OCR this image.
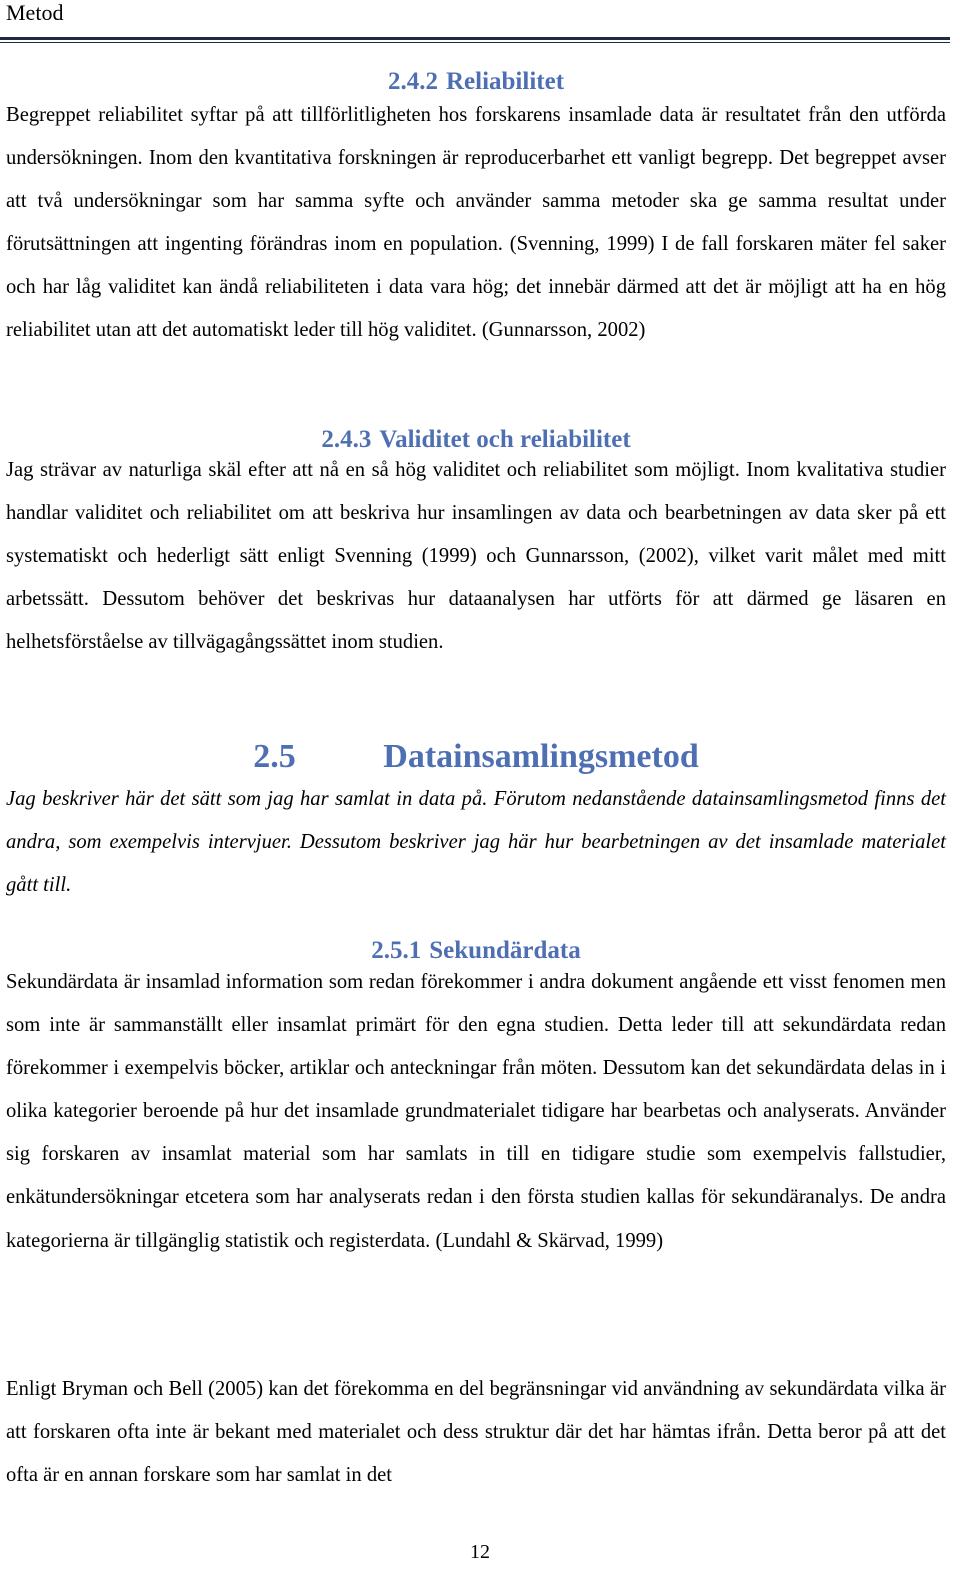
Metod
2.4.2 Reliabilitet

Begreppet reliabilitet syftar på att tillförlitligheten hos forskarens insamlade data är resultatet från den utförda undersökningen. Inom den kvantitativa forskningen är reproducerbarhet ett vanligt begrepp. Det begreppet avser att två undersökningar som har samma syfte och använder samma metoder ska ge samma resultat under förutsättningen att ingenting förändras inom en population. (Svenning, 1999) I de fall forskaren mäter fel saker och har låg validitet kan ändå reliabiliteten i data vara hög; det innebär därmed att det är möjligt att ha en hög reliabilitet utan att det automatiskt leder till hög validitet. (Gunnarsson, 2002)

2.4.3 Validitet och reliabilitet

Jag strävar av naturliga skäl efter att nå en så hög validitet och reliabilitet som möjligt. Inom kvalitativa studier handlar validitet och reliabilitet om att beskriva hur insamlingen av data och bearbetningen av data sker på ett systematiskt och hederligt sätt enligt Svenning (1999) och Gunnarsson, (2002), vilket varit målet med mitt arbetssätt. Dessutom behöver det beskrivas hur dataanalysen har utförts för att därmed ge läsaren en helhetsförståelse av tillvägagångssättet inom studien.

2.5	Datainsamlingsmetod

Jag beskriver här det sätt som jag har samlat in data på. Förutom nedanstående datainsamlingsmetod finns det andra, som exempelvis intervjuer. Dessutom beskriver jag här hur bearbetningen av det insamlade materialet gått till.

2.5.1 Sekundärdata

Sekundärdata är insamlad information som redan förekommer i andra dokument angående ett visst fenomen men som inte är sammanställt eller insamlat primärt för den egna studien. Detta leder till att sekundärdata redan förekommer i exempelvis böcker, artiklar och anteckningar från möten. Dessutom kan det sekundärdata delas in i olika kategorier beroende på hur det insamlade grundmaterialet tidigare har bearbetas och analyserats. Använder sig forskaren av insamlat material som har samlats in till en tidigare studie som exempelvis fallstudier, enkätundersökningar etcetera som har analyserats redan i den första studien kallas för sekundäranalys. De andra kategorierna är tillgänglig statistik och registerdata. (Lundahl & Skärvad, 1999)

Enligt Bryman och Bell (2005) kan det förekomma en del begränsningar vid användning av sekundärdata vilka är att forskaren ofta inte är bekant med materialet och dess struktur där det har hämtas ifrån. Detta beror på att det ofta är en annan forskare som har samlat in det

12
